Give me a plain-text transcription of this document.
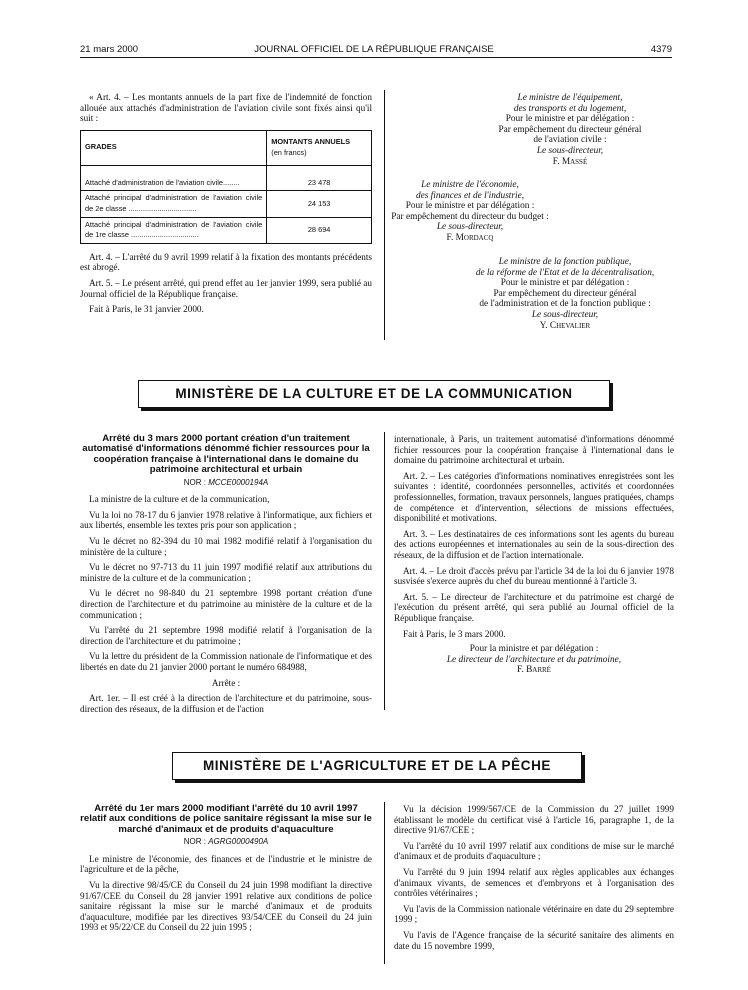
21 mars 2000	JOURNAL OFFICIEL DE LA RÉPUBLIQUE FRANÇAISE	4379

« Art. 4. – Les montants annuels de la part fixe de l'indemnité de fonction allouée aux attachés d'administration de l'aviation civile sont fixés ainsi qu'il suit :

GRADES	MONTANTS ANNUELS
(en francs)

Attaché d'administration de l'aviation civile........	23 478
Attaché principal d'administration de l'aviation civile de 2e classe .................................	24 153
Attaché principal d'administration de l'aviation civile de 1re classe .................................	28 694

Art. 4. – L'arrêté du 9 avril 1999 relatif à la fixation des montants précédents est abrogé.

Art. 5. – Le présent arrêté, qui prend effet au 1er janvier 1999, sera publié au Journal officiel de la République française.

Fait à Paris, le 31 janvier 2000.

Le ministre de l'équipement,
des transports et du logement,
Pour le ministre et par délégation :
Par empêchement du directeur général
de l'aviation civile :
Le sous-directeur,
F. Massé
Le ministre de l'économie,
des finances et de l'industrie,
Pour le ministre et par délégation :
Par empêchement du directeur du budget :
Le sous-directeur,
F. Mordacq
Le ministre de la fonction publique,
de la réforme de l'Etat et de la décentralisation,
Pour le ministre et par délégation :
Par empêchement du directeur général
de l'administration et de la fonction publique :
Le sous-directeur,
Y. Chevalier
MINISTÈRE DE LA CULTURE ET DE LA COMMUNICATION
Arrêté du 3 mars 2000 portant création d'un traitement automatisé d'informations dénommé fichier ressources pour la coopération française à l'international dans le domaine du patrimoine architectural et urbain
NOR : MCCE0000194A

La ministre de la culture et de la communication,

Vu la loi no 78-17 du 6 janvier 1978 relative à l'informatique, aux fichiers et aux libertés, ensemble les textes pris pour son application ;

Vu le décret no 82-394 du 10 mai 1982 modifié relatif à l'organisation du ministère de la culture ;

Vu le décret no 97-713 du 11 juin 1997 modifié relatif aux attributions du ministre de la culture et de la communication ;

Vu le décret no 98-840 du 21 septembre 1998 portant création d'une direction de l'architecture et du patrimoine au ministère de la culture et de la communication ;

Vu l'arrêté du 21 septembre 1998 modifié relatif à l'organisation de la direction de l'architecture et du patrimoine ;

Vu la lettre du président de la Commission nationale de l'informatique et des libertés en date du 21 janvier 2000 portant le numéro 684988,

Arrête :

Art. 1er. – Il est créé à la direction de l'architecture et du patrimoine, sous-direction des réseaux, de la diffusion et de l'action

internationale, à Paris, un traitement automatisé d'informations dénommé fichier ressources pour la coopération française à l'international dans le domaine du patrimoine architectural et urbain.

Art. 2. – Les catégories d'informations nominatives enregistrées sont les suivantes : identité, coordonnées personnelles, activités et coordonnées professionnelles, formation, travaux personnels, langues pratiquées, champs de compétence et d'intervention, sélections de missions effectuées, disponibilité et motivations.

Art. 3. – Les destinataires de ces informations sont les agents du bureau des actions européennes et internationales au sein de la sous-direction des réseaux, de la diffusion et de l'action internationale.

Art. 4. – Le droit d'accès prévu par l'article 34 de la loi du 6 janvier 1978 susvisée s'exerce auprès du chef du bureau mentionné à l'article 3.

Art. 5. – Le directeur de l'architecture et du patrimoine est chargé de l'exécution du présent arrêté, qui sera publié au Journal officiel de la République française.

Fait à Paris, le 3 mars 2000.

Pour la ministre et par délégation :
Le directeur de l'architecture et du patrimoine,
F. Barré
MINISTÈRE DE L'AGRICULTURE ET DE LA PÊCHE
Arrêté du 1er mars 2000 modifiant l'arrêté du 10 avril 1997 relatif aux conditions de police sanitaire régissant la mise sur le marché d'animaux et de produits d'aquaculture
NOR : AGRG0000490A

Le ministre de l'économie, des finances et de l'industrie et le ministre de l'agriculture et de la pêche,

Vu la directive 98/45/CE du Conseil du 24 juin 1998 modifiant la directive 91/67/CEE du Conseil du 28 janvier 1991 relative aux conditions de police sanitaire régissant la mise sur le marché d'animaux et de produits d'aquaculture, modifiée par les directives 93/54/CEE du Conseil du 24 juin 1993 et 95/22/CE du Conseil du 22 juin 1995 ;

Vu la décision 1999/567/CE de la Commission du 27 juillet 1999 établissant le modèle du certificat visé à l'article 16, paragraphe 1, de la directive 91/67/CEE ;

Vu l'arrêté du 10 avril 1997 relatif aux conditions de mise sur le marché d'animaux et de produits d'aquaculture ;

Vu l'arrêté du 9 juin 1994 relatif aux règles applicables aux échanges d'animaux vivants, de semences et d'embryons et à l'organisation des contrôles vétérinaires ;

Vu l'avis de la Commission nationale vétérinaire en date du 29 septembre 1999 ;

Vu l'avis de l'Agence française de la sécurité sanitaire des aliments en date du 15 novembre 1999,
